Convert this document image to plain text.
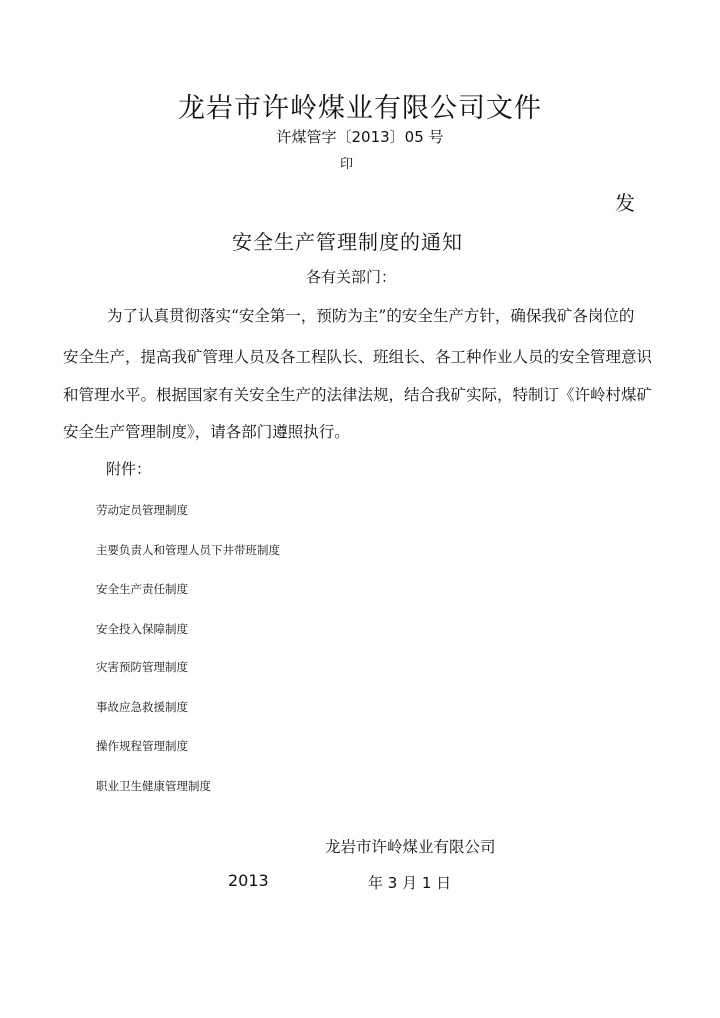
龙岩市许岭煤业有限公司文件
许煤管字〔2013〕05 号
印
发
安全生产管理制度的通知
各有关部门：
为了认真贯彻落实“安全第一，预防为主”的安全生产方针，确保我矿各岗位的
安全生产，提高我矿管理人员及各工程队长、班组长、各工种作业人员的安全管理意识
和管理水平。根据国家有关安全生产的法律法规，结合我矿实际，特制订《许岭村煤矿
安全生产管理制度》，请各部门遵照执行。
附件：
劳动定员管理制度
主要负责人和管理人员下井带班制度
安全生产责任制度
安全投入保障制度
灾害预防管理制度
事故应急救援制度
操作规程管理制度
职业卫生健康管理制度
龙岩市许岭煤业有限公司
2013	年 3 月 1 日
